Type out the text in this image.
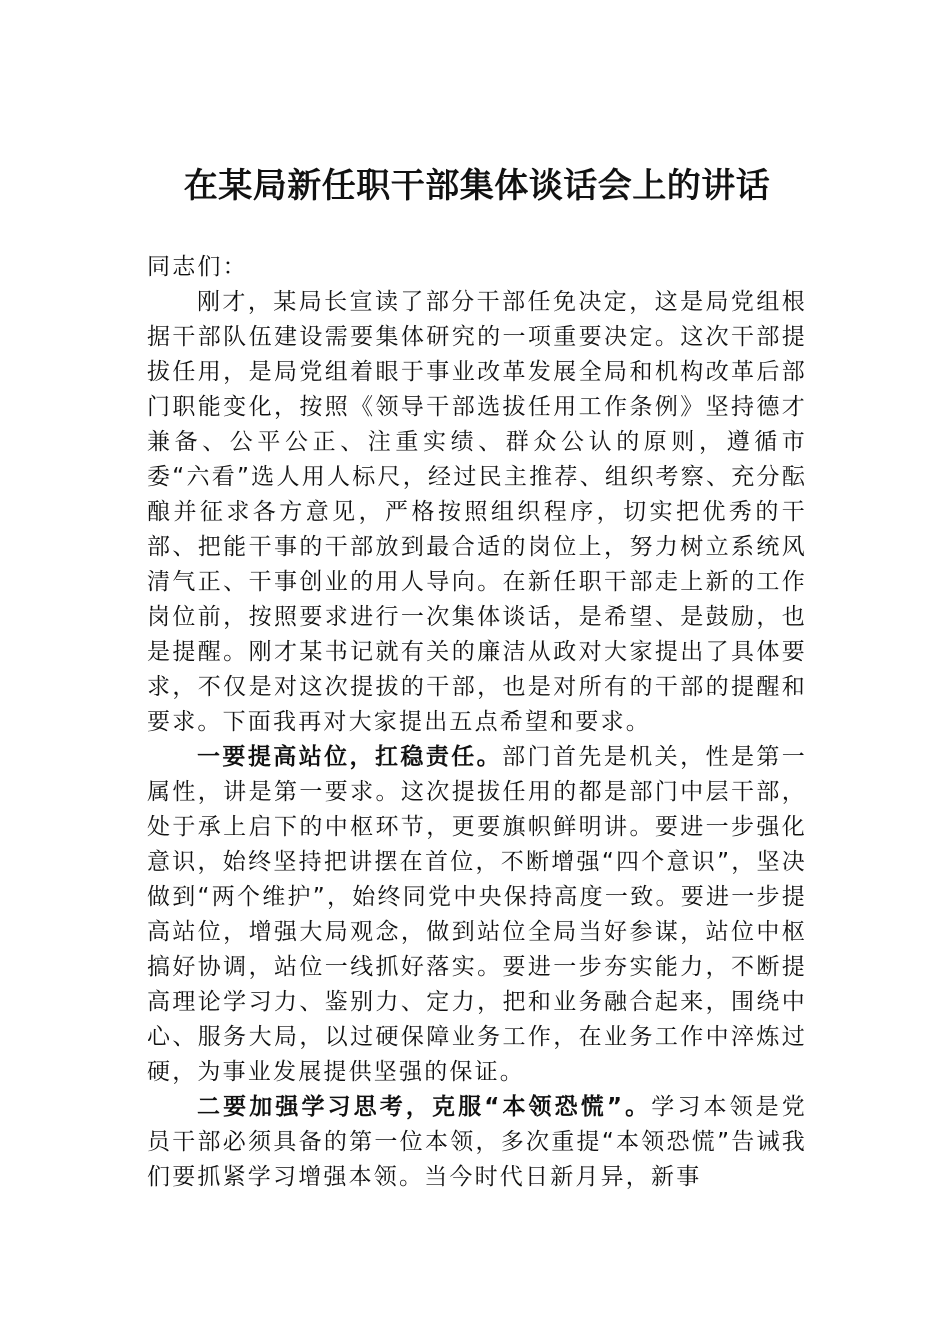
在某局新任职干部集体谈话会上的讲话

同志们：

刚才，某局长宣读了部分干部任免决定，这是局党组根据干部队伍建设需要集体研究的一项重要决定。这次干部提拔任用，是局党组着眼于事业改革发展全局和机构改革后部门职能变化，按照《领导干部选拔任用工作条例》坚持德才兼备、公平公正、注重实绩、群众公认的原则，遵循市委“六看”选人用人标尺，经过民主推荐、组织考察、充分酝酿并征求各方意见，严格按照组织程序，切实把优秀的干部、把能干事的干部放到最合适的岗位上，努力树立系统风清气正、干事创业的用人导向。在新任职干部走上新的工作岗位前，按照要求进行一次集体谈话，是希望、是鼓励，也是提醒。刚才某书记就有关的廉洁从政对大家提出了具体要求，不仅是对这次提拔的干部，也是对所有的干部的提醒和要求。下面我再对大家提出五点希望和要求。

一要提高站位，扛稳责任。部门首先是机关，性是第一属性，讲是第一要求。这次提拔任用的都是部门中层干部，处于承上启下的中枢环节，更要旗帜鲜明讲。要进一步强化意识，始终坚持把讲摆在首位，不断增强“四个意识”，坚决做到“两个维护”，始终同党中央保持高度一致。要进一步提高站位，增强大局观念，做到站位全局当好参谋，站位中枢搞好协调，站位一线抓好落实。要进一步夯实能力，不断提高理论学习力、鉴别力、定力，把和业务融合起来，围绕中心、服务大局，以过硬保障业务工作，在业务工作中淬炼过硬，为事业发展提供坚强的保证。

二要加强学习思考，克服“本领恐慌”。学习本领是党员干部必须具备的第一位本领，多次重提“本领恐慌”告诫我们要抓紧学习增强本领。当今时代日新月异，新事
